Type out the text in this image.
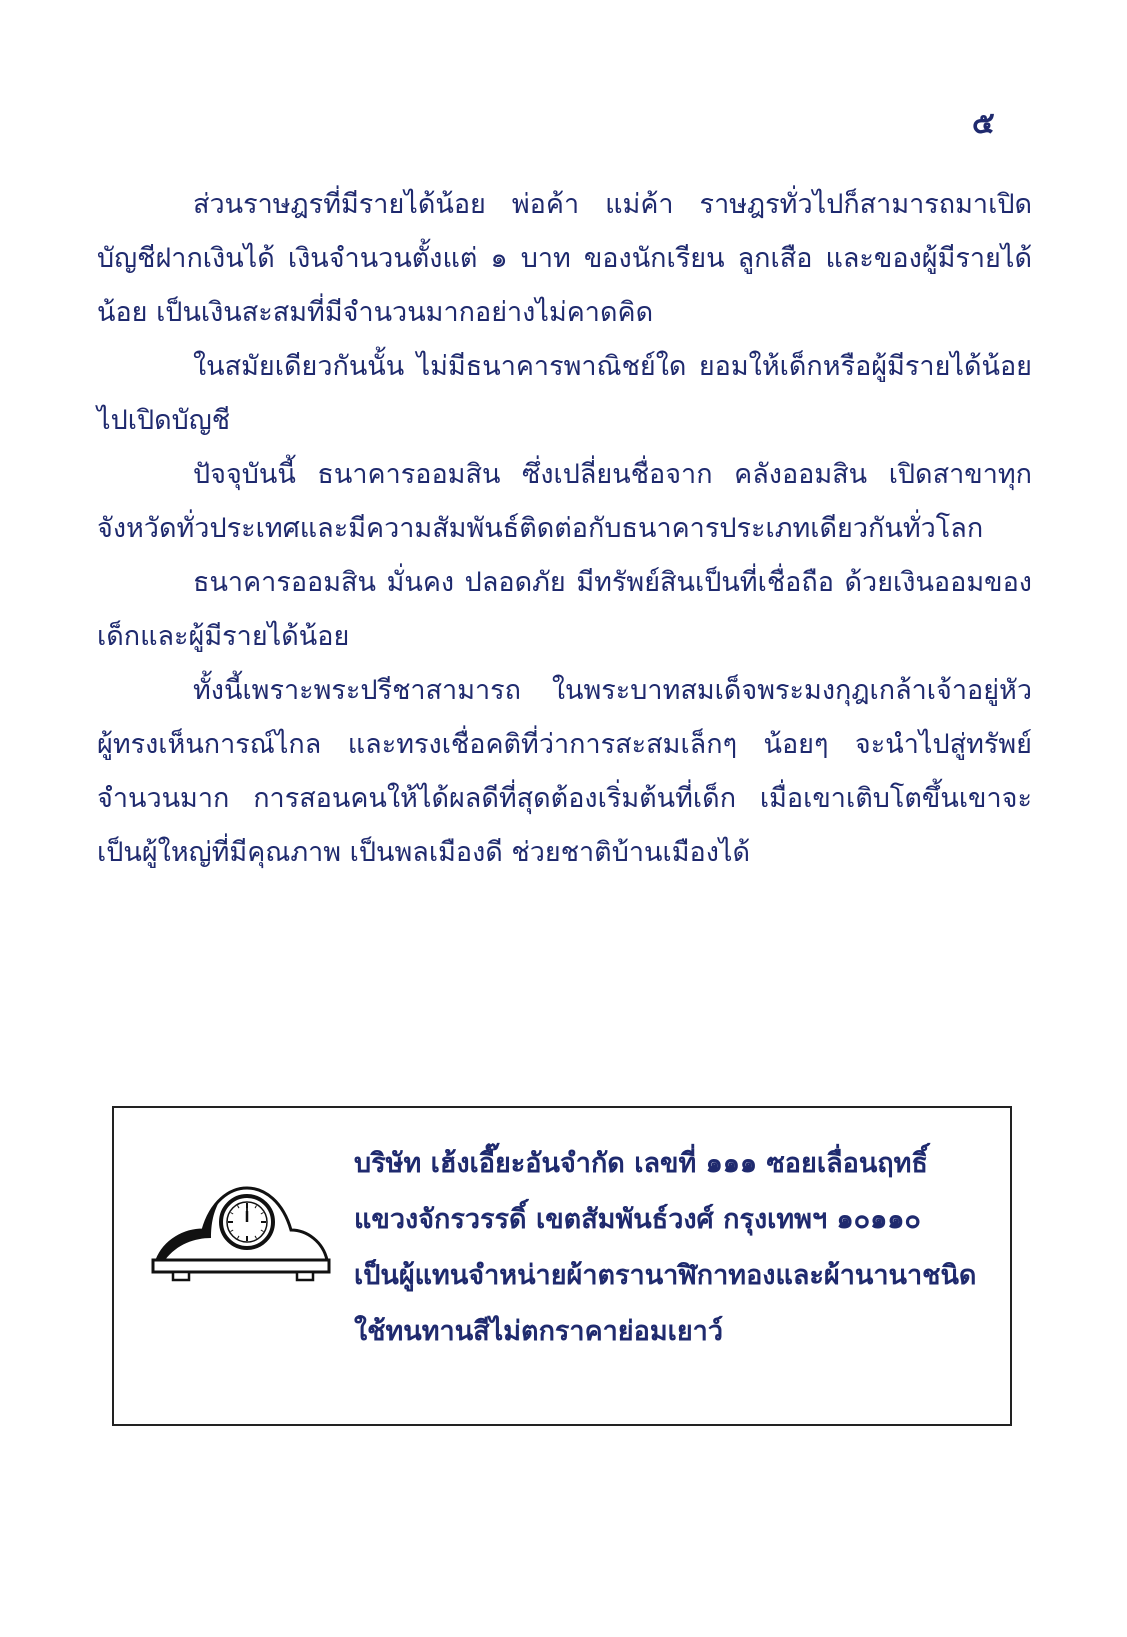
๕

ส่วนราษฎรที่มีรายได้น้อย พ่อค้า แม่ค้า ราษฎรทั่วไปก็สามารถมาเปิดบัญชีฝากเงินได้ เงินจำนวนตั้งแต่ ๑ บาท ของนักเรียน ลูกเสือ และของผู้มีรายได้น้อย เป็นเงินสะสมที่มีจำนวนมากอย่างไม่คาดคิด

ในสมัยเดียวกันนั้น ไม่มีธนาคารพาณิชย์ใด ยอมให้เด็กหรือผู้มีรายได้น้อยไปเปิดบัญชี

ปัจจุบันนี้ ธนาคารออมสิน ซึ่งเปลี่ยนชื่อจาก คลังออมสิน เปิดสาขาทุกจังหวัดทั่วประเทศและมีความสัมพันธ์ติดต่อกับธนาคารประเภทเดียวกันทั่วโลก

ธนาคารออมสิน มั่นคง ปลอดภัย มีทรัพย์สินเป็นที่เชื่อถือ ด้วยเงินออมของเด็กและผู้มีรายได้น้อย

ทั้งนี้เพราะพระปรีชาสามารถ ในพระบาทสมเด็จพระมงกุฎเกล้าเจ้าอยู่หัว ผู้ทรงเห็นการณ์ไกล และทรงเชื่อคติที่ว่าการสะสมเล็กๆ น้อยๆ จะนำไปสู่ทรัพย์จำนวนมาก การสอนคนให้ได้ผลดีที่สุดต้องเริ่มต้นที่เด็ก เมื่อเขาเติบโตขึ้นเขาจะเป็นผู้ใหญ่ที่มีคุณภาพ เป็นพลเมืองดี ช่วยชาติบ้านเมืองได้

บริษัท เฮ้งเอี๊ยะอันจำกัด เลขที่ ๑๑๑ ซอยเลื่อนฤทธิ์
แขวงจักรวรรดิ์ เขตสัมพันธ์วงศ์ กรุงเทพฯ ๑๐๑๑๐
เป็นผู้แทนจำหน่ายผ้าตรานาฬิกาทองและผ้านานาชนิด
ใช้ทนทานสีไม่ตกราคาย่อมเยาว์
